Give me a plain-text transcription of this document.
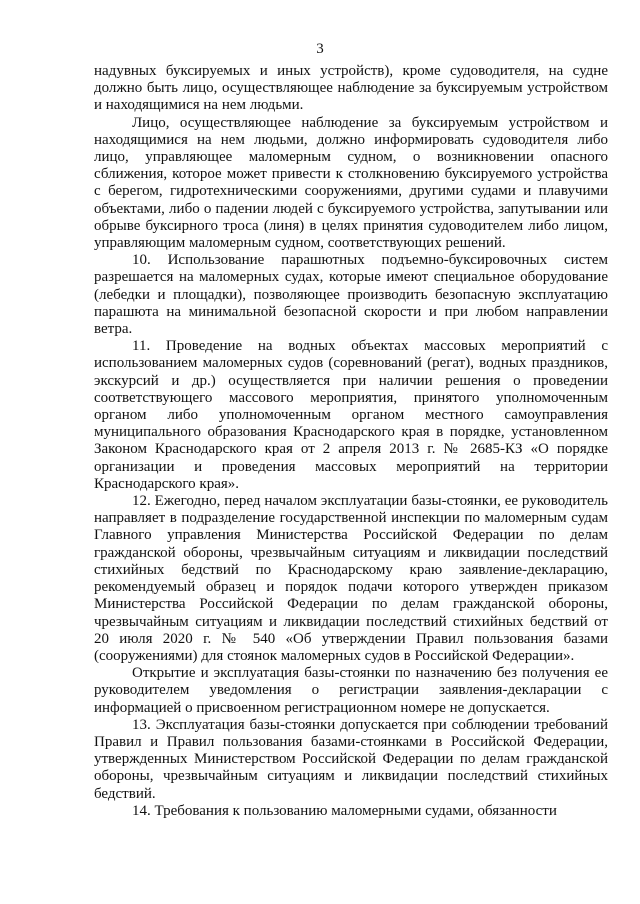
3

надувных буксируемых и иных устройств), кроме судоводителя, на судне должно быть лицо, осуществляющее наблюдение за буксируемым устройством и находящимися на нем людьми.

Лицо, осуществляющее наблюдение за буксируемым устройством и находящимися на нем людьми, должно информировать судоводителя либо лицо, управляющее маломерным судном, о возникновении опасного сближения, которое может привести к столкновению буксируемого устройства с берегом, гидротехническими сооружениями, другими судами и плавучими объектами, либо о падении людей с буксируемого устройства, запутывании или обрыве буксирного троса (линя) в целях принятия судоводителем либо лицом, управляющим маломерным судном, соответствующих решений.

10. Использование парашютных подъемно-буксировочных систем разрешается на маломерных судах, которые имеют специальное оборудование (лебедки и площадки), позволяющее производить безопасную эксплуатацию парашюта на минимальной безопасной скорости и при любом направлении ветра.

11. Проведение на водных объектах массовых мероприятий с использованием маломерных судов (соревнований (регат), водных праздников, экскурсий и др.) осуществляется при наличии решения о проведении соответствующего массового мероприятия, принятого уполномоченным органом либо уполномоченным органом местного самоуправления муниципального образования Краснодарского края в порядке, установленном Законом Краснодарского края от 2 апреля 2013 г. № 2685-КЗ «О порядке организации и проведения массовых мероприятий на территории Краснодарского края».

12. Ежегодно, перед началом эксплуатации базы-стоянки, ее руководитель направляет в подразделение государственной инспекции по маломерным судам Главного управления Министерства Российской Федерации по делам гражданской обороны, чрезвычайным ситуациям и ликвидации последствий стихийных бедствий по Краснодарскому краю заявление-декларацию, рекомендуемый образец и порядок подачи которого утвержден приказом Министерства Российской Федерации по делам гражданской обороны, чрезвычайным ситуациям и ликвидации последствий стихийных бедствий от 20 июля 2020 г. № 540 «Об утверждении Правил пользования базами (сооружениями) для стоянок маломерных судов в Российской Федерации».

Открытие и эксплуатация базы-стоянки по назначению без получения ее руководителем уведомления о регистрации заявления-декларации с информацией о присвоенном регистрационном номере не допускается.

13. Эксплуатация базы-стоянки допускается при соблюдении требований Правил и Правил пользования базами-стоянками в Российской Федерации, утвержденных Министерством Российской Федерации по делам гражданской обороны, чрезвычайным ситуациям и ликвидации последствий стихийных бедствий.

14. Требования к пользованию маломерными судами, обязанности
